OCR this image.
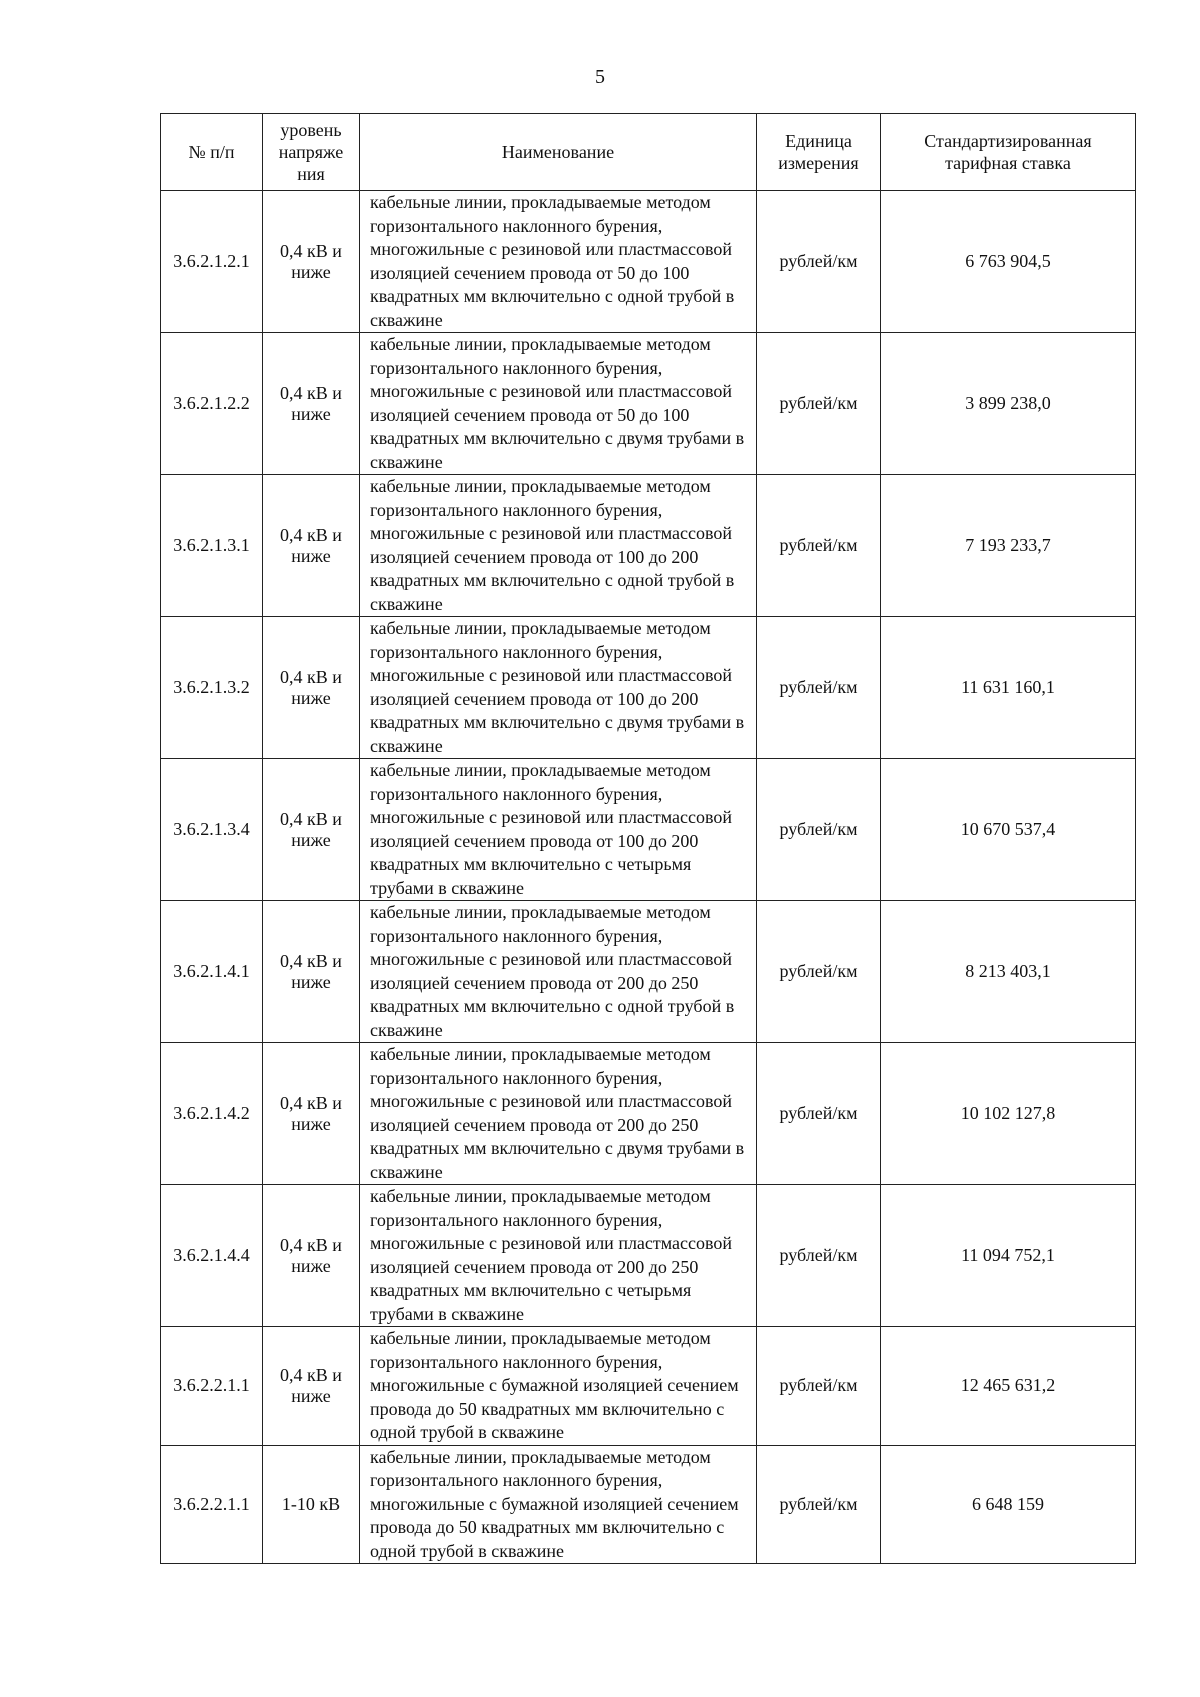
5
№ п/п	уровень напряже ния	Наименование	Единица измерения	Стандартизированная тарифная ставка
3.6.2.1.2.1	0,4 кВ и ниже	кабельные линии, прокладываемые методом горизонтального наклонного бурения, многожильные с резиновой или пластмассовой изоляцией сечением провода от 50 до 100 квадратных мм включительно с одной трубой в скважине	рублей/км	6 763 904,5
3.6.2.1.2.2	0,4 кВ и ниже	кабельные линии, прокладываемые методом горизонтального наклонного бурения, многожильные с резиновой или пластмассовой изоляцией сечением провода от 50 до 100 квадратных мм включительно с двумя трубами в скважине	рублей/км	3 899 238,0
3.6.2.1.3.1	0,4 кВ и ниже	кабельные линии, прокладываемые методом горизонтального наклонного бурения, многожильные с резиновой или пластмассовой изоляцией сечением провода от 100 до 200 квадратных мм включительно с одной трубой в скважине	рублей/км	7 193 233,7
3.6.2.1.3.2	0,4 кВ и ниже	кабельные линии, прокладываемые методом горизонтального наклонного бурения, многожильные с резиновой или пластмассовой изоляцией сечением провода от 100 до 200 квадратных мм включительно с двумя трубами в скважине	рублей/км	11 631 160,1
3.6.2.1.3.4	0,4 кВ и ниже	кабельные линии, прокладываемые методом горизонтального наклонного бурения, многожильные с резиновой или пластмассовой изоляцией сечением провода от 100 до 200 квадратных мм включительно с четырьмя трубами в скважине	рублей/км	10 670 537,4
3.6.2.1.4.1	0,4 кВ и ниже	кабельные линии, прокладываемые методом горизонтального наклонного бурения, многожильные с резиновой или пластмассовой изоляцией сечением провода от 200 до 250 квадратных мм включительно с одной трубой в скважине	рублей/км	8 213 403,1
3.6.2.1.4.2	0,4 кВ и ниже	кабельные линии, прокладываемые методом горизонтального наклонного бурения, многожильные с резиновой или пластмассовой изоляцией сечением провода от 200 до 250 квадратных мм включительно с двумя трубами в скважине	рублей/км	10 102 127,8
3.6.2.1.4.4	0,4 кВ и ниже	кабельные линии, прокладываемые методом горизонтального наклонного бурения, многожильные с резиновой или пластмассовой изоляцией сечением провода от 200 до 250 квадратных мм включительно с четырьмя трубами в скважине	рублей/км	11 094 752,1
3.6.2.2.1.1	0,4 кВ и ниже	кабельные линии, прокладываемые методом горизонтального наклонного бурения, многожильные с бумажной изоляцией сечением провода до 50 квадратных мм включительно с одной трубой в скважине	рублей/км	12 465 631,2
3.6.2.2.1.1	1-10 кВ	кабельные линии, прокладываемые методом горизонтального наклонного бурения, многожильные с бумажной изоляцией сечением провода до 50 квадратных мм включительно с одной трубой в скважине	рублей/км	6 648 159
